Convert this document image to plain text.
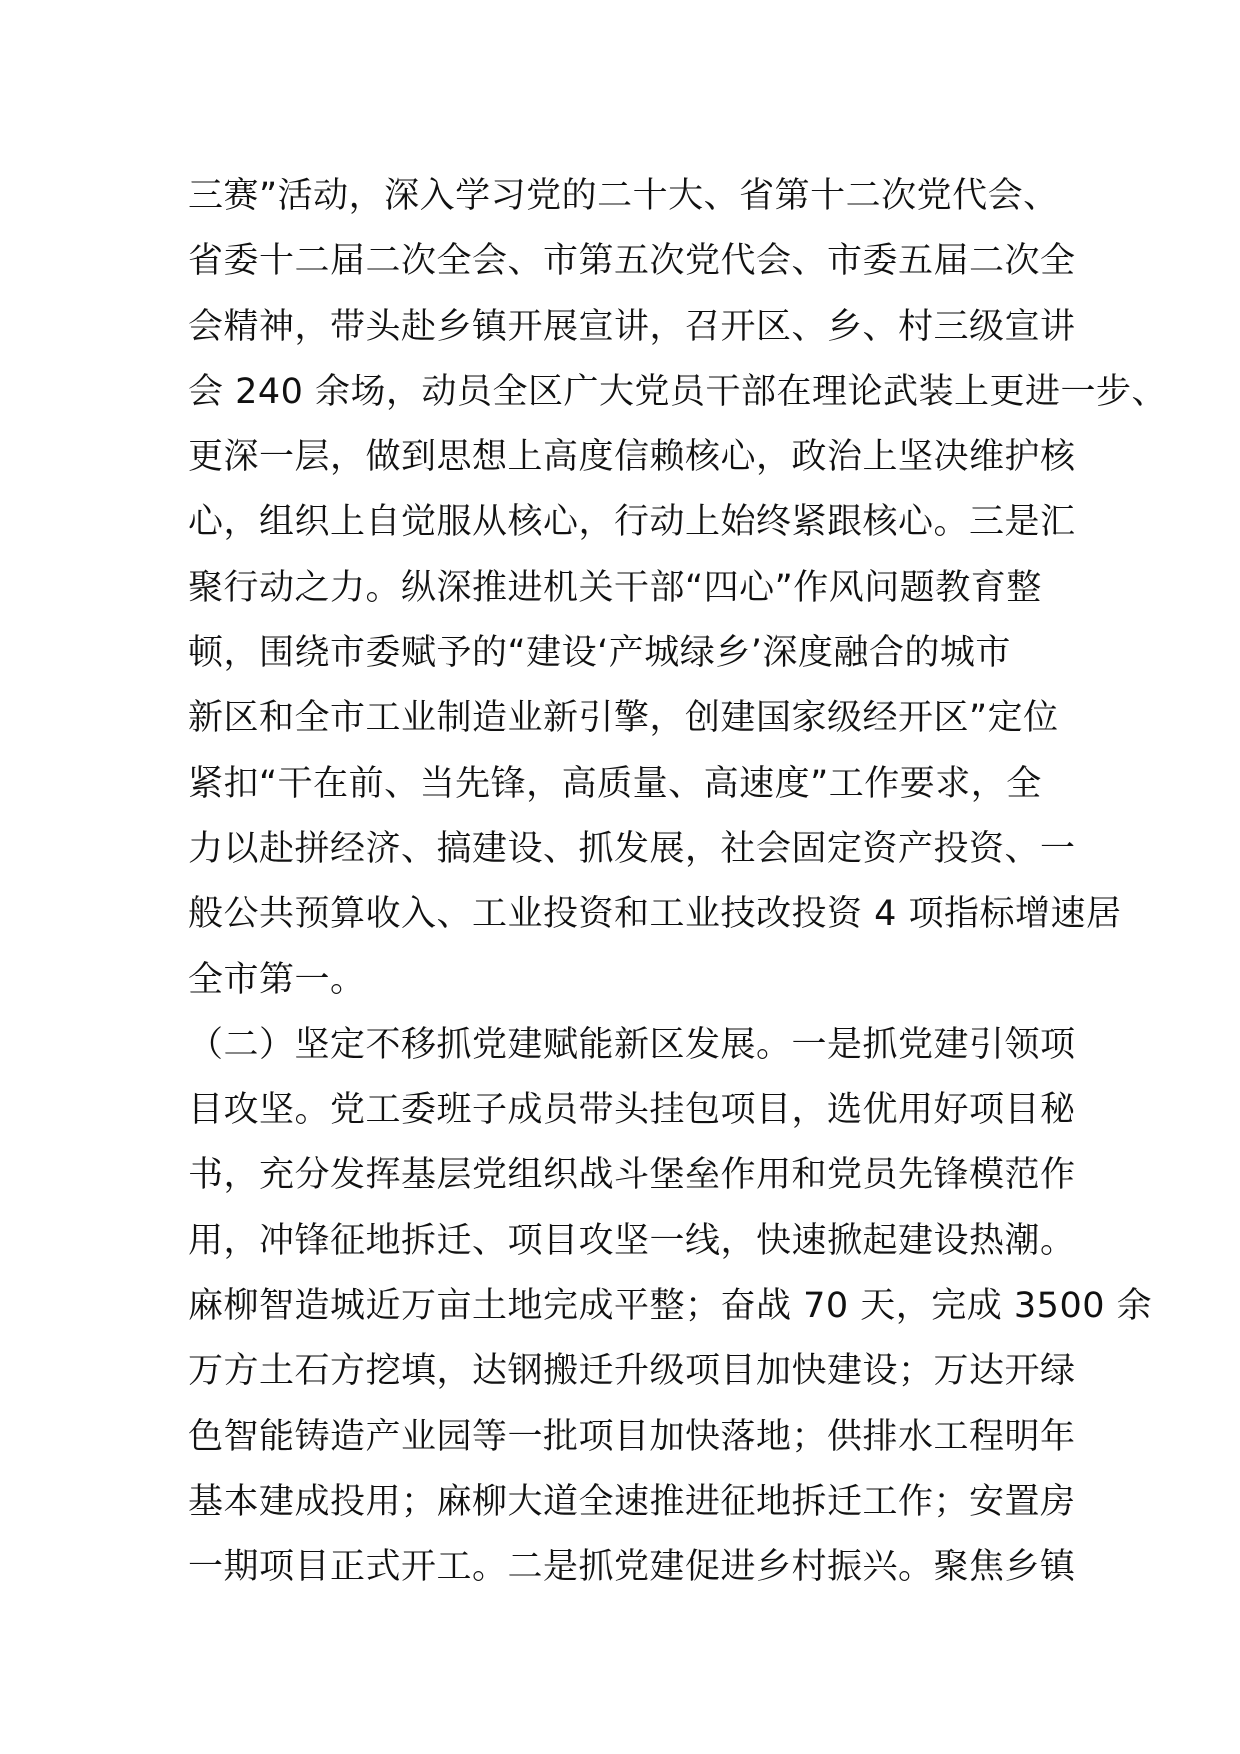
三赛”活动，深入学习党的二十大、省第十二次党代会、
省委十二届二次全会、市第五次党代会、市委五届二次全
会精神，带头赴乡镇开展宣讲，召开区、乡、村三级宣讲
会 240 余场，动员全区广大党员干部在理论武装上更进一步、
更深一层，做到思想上高度信赖核心，政治上坚决维护核
心，组织上自觉服从核心，行动上始终紧跟核心。三是汇
聚行动之力。纵深推进机关干部“四心”作风问题教育整
顿，围绕市委赋予的“建设‘产城绿乡’深度融合的城市
新区和全市工业制造业新引擎，创建国家级经开区”定位
紧扣“干在前、当先锋，高质量、高速度”工作要求，全
力以赴拼经济、搞建设、抓发展，社会固定资产投资、一
般公共预算收入、工业投资和工业技改投资 4 项指标增速居
全市第一。
（二）坚定不移抓党建赋能新区发展。一是抓党建引领项
目攻坚。党工委班子成员带头挂包项目，选优用好项目秘
书，充分发挥基层党组织战斗堡垒作用和党员先锋模范作
用，冲锋征地拆迁、项目攻坚一线，快速掀起建设热潮。
麻柳智造城近万亩土地完成平整；奋战 70 天，完成 3500 余
万方土石方挖填，达钢搬迁升级项目加快建设；万达开绿
色智能铸造产业园等一批项目加快落地；供排水工程明年
基本建成投用；麻柳大道全速推进征地拆迁工作；安置房
一期项目正式开工。二是抓党建促进乡村振兴。聚焦乡镇
